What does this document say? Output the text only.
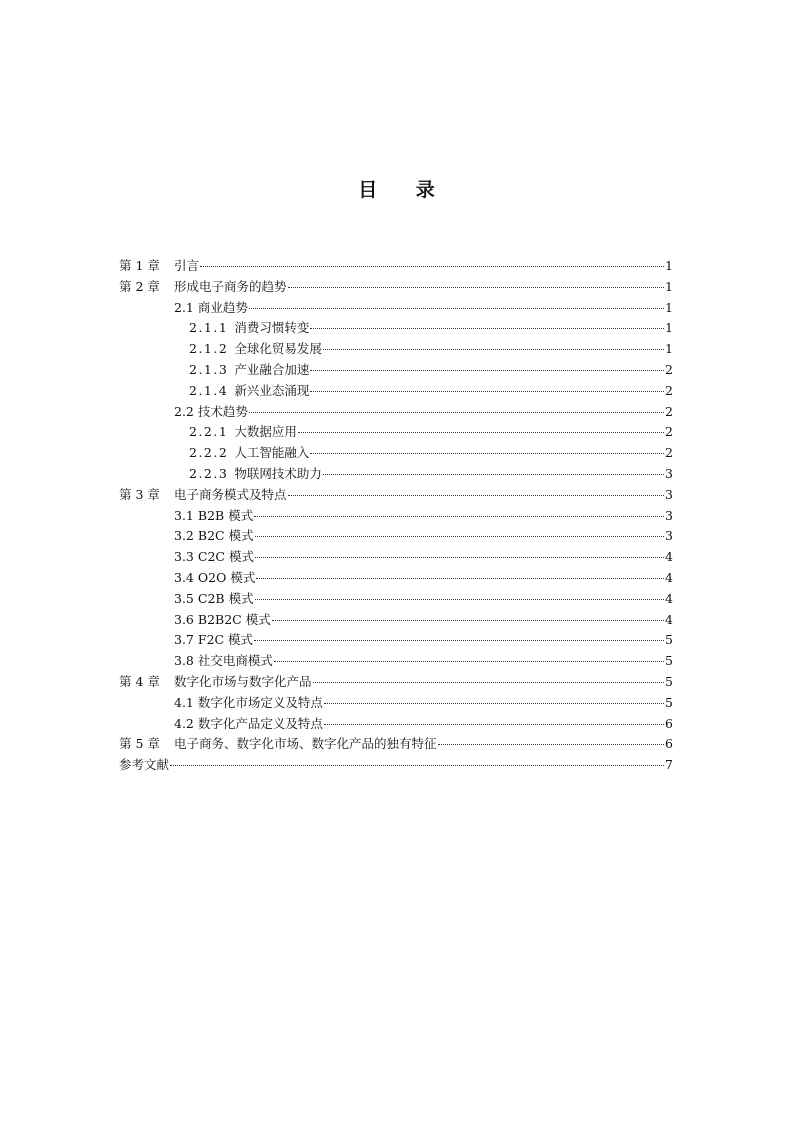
目 录
第 1 章 引言	1
第 2 章 形成电子商务的趋势	1
2.1 商业趋势	1
2.1.1 消费习惯转变	1
2.1.2 全球化贸易发展	1
2.1.3 产业融合加速	2
2.1.4 新兴业态涌现	2
2.2 技术趋势	2
2.2.1 大数据应用	2
2.2.2 人工智能融入	2
2.2.3 物联网技术助力	3
第 3 章 电子商务模式及特点	3
3.1 B2B 模式	3
3.2 B2C 模式	3
3.3 C2C 模式	4
3.4 O2O 模式	4
3.5 C2B 模式	4
3.6 B2B2C 模式	4
3.7 F2C 模式	5
3.8 社交电商模式	5
第 4 章 数字化市场与数字化产品	5
4.1 数字化市场定义及特点	5
4.2 数字化产品定义及特点	6
第 5 章 电子商务、数字化市场、数字化产品的独有特征	6
参考文献	7
